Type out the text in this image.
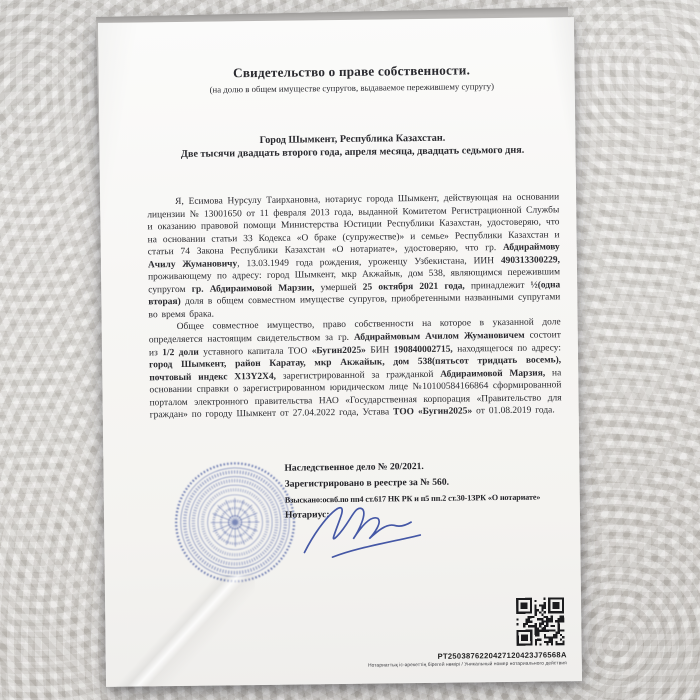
Свидетельство о праве собственности.
(на долю в общем имуществе супругов, выдаваемое пережившему супругу)
Город Шымкент, Республика Казахстан.
Две тысячи двадцать второго года, апреля месяца, двадцать седьмого дня.

Я, Есимова Нурсулу Таирхановна, нотариус города Шымкент, действующая на основании лицензии № 13001650 от 11 февраля 2013 года, выданной Комитетом Регистрационной Службы и оказанию правовой помощи Министерства Юстиции Республики Казахстан, удостоверяю, что на основании статьи 33 Кодекса «О браке (супружестве)» и семье» Республики Казахстан и статьи 74 Закона Республики Казахстан «О нотариате», удостоверяю, что гр. Абдираймову Ачилу Жумановичу, 13.03.1949 года рождения, уроженцу Узбекистана, ИИН 490313300229, проживающему по адресу: город Шымкент, мкр Акжайык, дом 538, являющимся пережившим супругом гр. Абдираимовой Марзии, умершей 25 октября 2021 года, принадлежит ½(одна вторая) доля в общем совместном имуществе супругов, приобретенными названными супругами во время брака.

Общее совместное имущество, право собственности на которое в указанной доле определяется настоящим свидетельством за гр. Абдираймовым Ачилом Жумановичем состоит из 1/2 доли уставного капитала ТОО «Бугин2025» БИН 190840002715, находящегося по адресу: город Шымкент, район Каратау, мкр Акжайык, дом 538(пятьсот тридцать восемь), почтовый индекс X13Y2X4, зарегистрированной за гражданкой Абдираимовой Марзия, на основании справки о зарегистрированном юридическом лице №10100584166864 сформированной порталом электронного правительства НАО «Государственная корпорация «Правительство для граждан» по городу Шымкент от 27.04.2022 года, Устава ТОО «Бугин2025» от 01.08.2019 года.

Наследственное дело № 20/2021.
Зарегистрировано в реестре за № 560.
Взыскано:освб.по пп4 ст.617 НК РК и п5 пп.2 ст.30-1ЗРК «О нотариате»
Нотариус:
PT2503876220427120423J76568A
Нотариаттық іс-әрекеттің бірегей нөмірі / Уникальный номер нотариального действия
